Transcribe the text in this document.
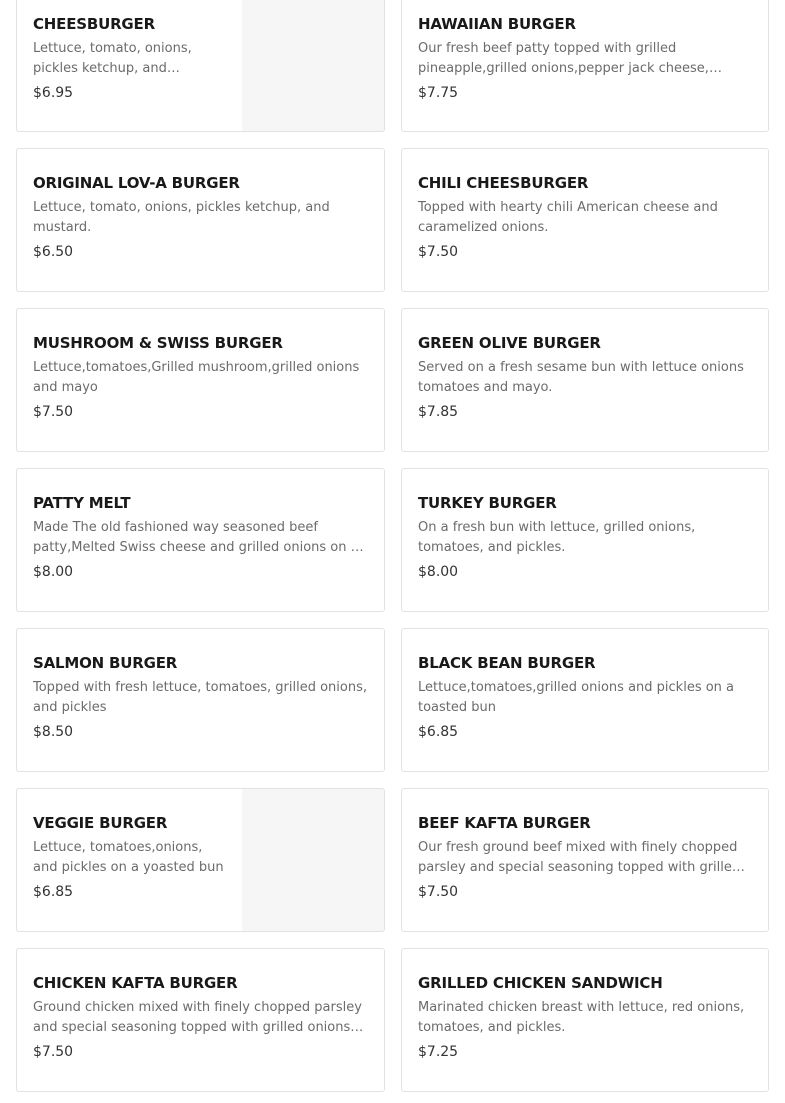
CHEESBURGER
Lettuce, tomato, onions, pickles ketchup, and
$6.95
HAWAIIAN BURGER
Our fresh beef patty topped with grilled pineapple,grilled onions,pepper jack cheese,
$7.75
ORIGINAL LOV-A BURGER
Lettuce, tomato, onions, pickles ketchup, and mustard.
$6.50
CHILI CHEESBURGER
Topped with hearty chili American cheese and caramelized onions.
$7.50
MUSHROOM & SWISS BURGER
Lettuce,tomatoes,Grilled mushroom,grilled onions and mayo
$7.50
GREEN OLIVE BURGER
Served on a fresh sesame bun with lettuce onions tomatoes and mayo.
$7.85
PATTY MELT
Made The old fashioned way seasoned beef patty,Melted Swiss cheese and grilled onions on 2
$8.00
TURKEY BURGER
On a fresh bun with lettuce, grilled onions, tomatoes, and pickles.
$8.00
SALMON BURGER
Topped with fresh lettuce, tomatoes, grilled onions, and pickles
$8.50
BLACK BEAN BURGER
Lettuce,tomatoes,grilled onions and pickles on a toasted bun
$6.85
VEGGIE BURGER
Lettuce, tomatoes,onions, and pickles on a yoasted bun
$6.85
BEEF KAFTA BURGER
Our fresh ground beef mixed with finely chopped parsley and special seasoning topped with grilled
$7.50
CHICKEN KAFTA BURGER
Ground chicken mixed with finely chopped parsley and special seasoning topped with grilled onions
$7.50
GRILLED CHICKEN SANDWICH
Marinated chicken breast with lettuce, red onions, tomatoes, and pickles.
$7.25
